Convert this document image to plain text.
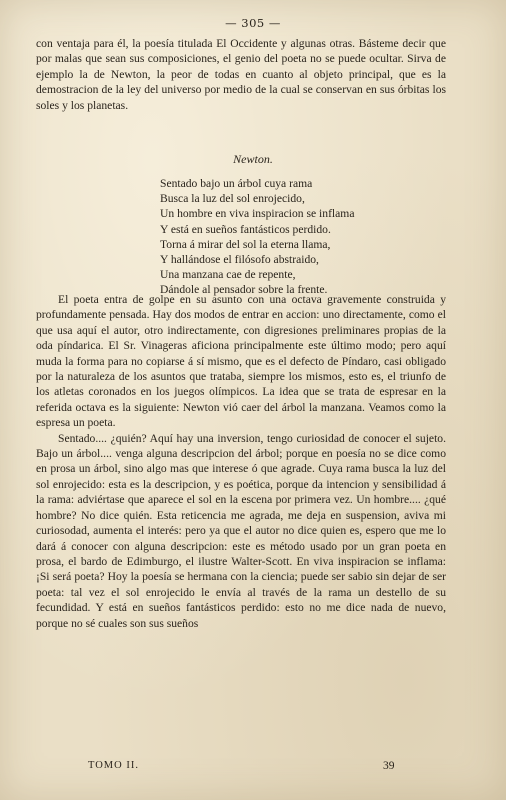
— 305 —

con ventaja para él, la poesía titulada El Occidente y algunas otras. Básteme decir que por malas que sean sus composiciones, el genio del poeta no se puede ocultar. Sirva de ejemplo la de Newton, la peor de todas en cuanto al objeto principal, que es la demostracion de la ley del universo por medio de la cual se conservan en sus órbitas los soles y los planetas.

Newton.
Sentado bajo un árbol cuya rama
Busca la luz del sol enrojecido,
Un hombre en viva inspiracion se inflama
Y está en sueños fantásticos perdido.
Torna á mirar del sol la eterna llama,
Y hallándose el filósofo abstraido,
Una manzana cae de repente,
Dándole al pensador sobre la frente.

El poeta entra de golpe en su asunto con una octava gravemente construida y profundamente pensada. Hay dos modos de entrar en accion: uno directamente, como el que usa aquí el autor, otro indirectamente, con digresiones preliminares propias de la oda píndarica. El Sr. Vinageras aficiona principalmente este último modo; pero aquí muda la forma para no copiarse á sí mismo, que es el defecto de Píndaro, casi obligado por la naturaleza de los asuntos que trataba, siempre los mismos, esto es, el triunfo de los atletas coronados en los juegos olímpicos. La idea que se trata de espresar en la referida octava es la siguiente: Newton vió caer del árbol la manzana. Veamos como la espresa un poeta.

Sentado.... ¿quién? Aquí hay una inversion, tengo curiosidad de conocer el sujeto. Bajo un árbol.... venga alguna descripcion del árbol; porque en poesía no se dice como en prosa un árbol, sino algo mas que interese ó que agrade. Cuya rama busca la luz del sol enrojecido: esta es la descripcion, y es poética, porque da intencion y sensibilidad á la rama: adviértase que aparece el sol en la escena por primera vez. Un hombre.... ¿qué hombre? No dice quién. Esta reticencia me agrada, me deja en suspension, aviva mi curiosodad, aumenta el interés: pero ya que el autor no dice quien es, espero que me lo dará á conocer con alguna descripcion: este es método usado por un gran poeta en prosa, el bardo de Edimburgo, el ilustre Walter-Scott. En viva inspiracion se inflama: ¡Si será poeta? Hoy la poesía se hermana con la ciencia; puede ser sabio sin dejar de ser poeta: tal vez el sol enrojecido le envía al través de la rama un destello de su fecundidad. Y está en sueños fantásticos perdido: esto no me dice nada de nuevo, porque no sé cuales son sus sueños

TOMO II.	39
